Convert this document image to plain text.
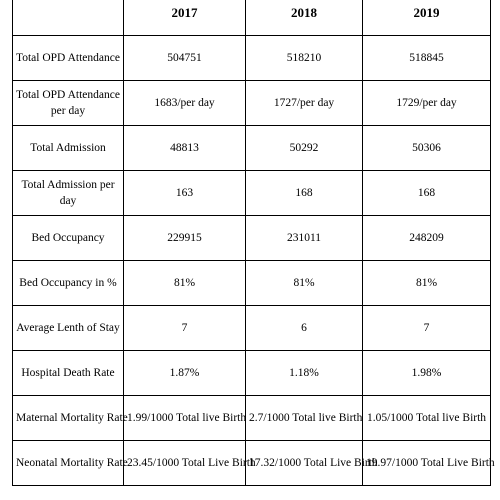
	2017	2018	2019
Total OPD Attendance	504751	518210	518845
Total OPD Attendance per day	1683/per day	1727/per day	1729/per day
Total Admission	48813	50292	50306
Total Admission per day	163	168	168
Bed Occupancy	229915	231011	248209
Bed Occupancy in %	81%	81%	81%
Average Lenth of Stay	7	6	7
Hospital Death Rate	1.87%	1.18%	1.98%
Maternal Mortality Rate	1.99/1000 Total live Birth	2.7/1000 Total live Birth	1.05/1000 Total live Birth
Neonatal Mortality Rate	23.45/1000 Total Live Birth	17.32/1000 Total Live Birth	19.97/1000 Total Live Birth
